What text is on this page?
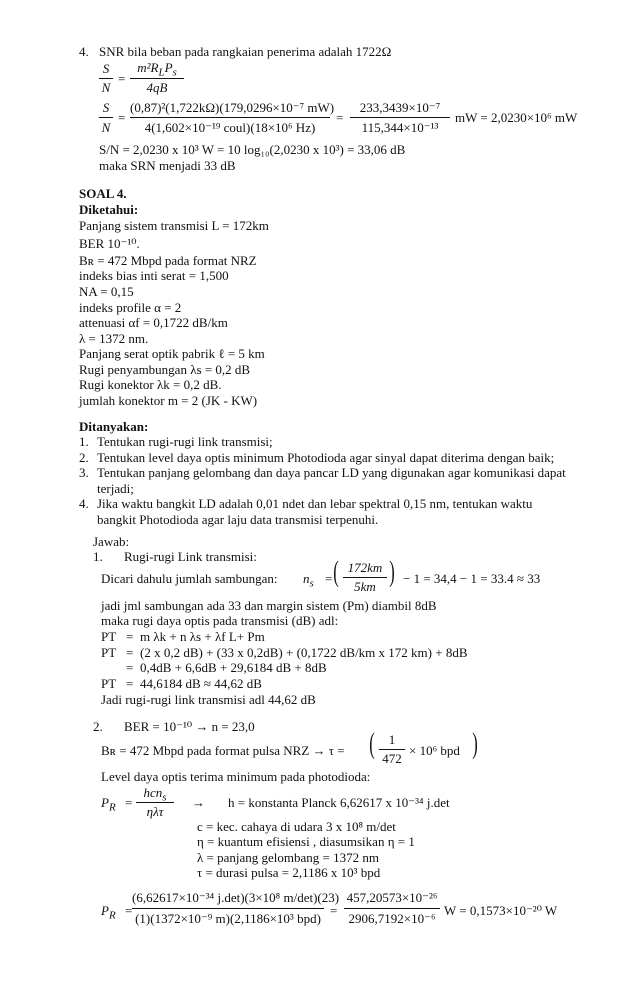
4. SNR bila beban pada rangkaian penerima adalah 1722Ω
S
N
=
$m^2R_LP_s$
4qB
S
N
=
(0,87)²(1,722kΩ)(179,0296×10⁻⁷ mW)
4(1,602×10⁻¹⁹ coul)(18×10⁶ Hz)
=
233,3439×10⁻⁷
115,344×10⁻¹³
mW = 2,0230×10⁶ mW
S/N = 2,0230 x 10³ W = 10 log₁₀(2,0230 x 10³) = 33,06 dB
maka SRN menjadi 33 dB
SOAL 4.
Diketahui:
Panjang sistem transmisi L = 172km
BER 10⁻¹⁰.
Bʀ = 472 Mbpd pada format NRZ
indeks bias inti serat = 1,500
NA = 0,15
indeks profile α = 2
attenuasi αf = 0,1722 dB/km
λ = 1372 nm.
Panjang serat optik pabrik ℓ = 5 km
Rugi penyambungan λs = 0,2 dB
Rugi konektor λk = 0,2 dB.
jumlah konektor m = 2 (JK - KW)
Ditanyakan:
1. Tentukan rugi-rugi link transmisi;
2. Tentukan level daya optis minimum Photodioda agar sinyal dapat diterima dengan baik;
3. Tentukan panjang gelombang dan daya pancar LD yang digunakan agar komunikasi dapat
terjadi;
4. Jika waktu bangkit LD adalah 0,01 ndet dan lebar spektral 0,15 nm, tentukan waktu
bangkit Photodioda agar laju data transmisi terpenuhi.
Jawab:
1. Rugi-rugi Link transmisi:
Dicari dahulu jumlah sambungan: $n_s$ = ( 172km
5km ) − 1 = 34,4 − 1 = 33.4 ≈ 33
jadi jml sambungan ada 33 dan margin sistem (Pm) diambil 8dB
maka rugi daya optis pada transmisi (dB) adl:
PT = m λk + n λs + λf L+ Pm
PT = (2 x 0,2 dB) + (33 x 0,2dB) + (0,1722 dB/km x 172 km) + 8dB
= 0,4dB + 6,6dB + 29,6184 dB + 8dB
PT = 44,6184 dB ≈ 44,62 dB
Jadi rugi-rugi link transmisi adl 44,62 dB
2. BER = 10⁻¹⁰ → n = 23,0
Bʀ = 472 Mbpd pada format pulsa NRZ → τ = (	1
472
× 10⁶ bpd )
Level daya optis terima minimum pada photodioda:
$P_R$ =
hcn$_s$
ηλτ
→ h = konstanta Planck 6,62617 x 10⁻³⁴ j.det
c = kec. cahaya di udara 3 x 10⁸ m/det
η = kuantum efisiensi , diasumsikan η = 1
λ = panjang gelombang = 1372 nm
τ = durasi pulsa = 2,1186 x 10³ bpd
$P_R$ =
(6,62617×10⁻³⁴ j.det)(3×10⁸ m/det)(23)
(1)(1372×10⁻⁹ m)(2,1186×10³ bpd)
=
457,20573×10⁻²⁶
2906,7192×10⁻⁶
W = 0,1573×10⁻²⁰ W
